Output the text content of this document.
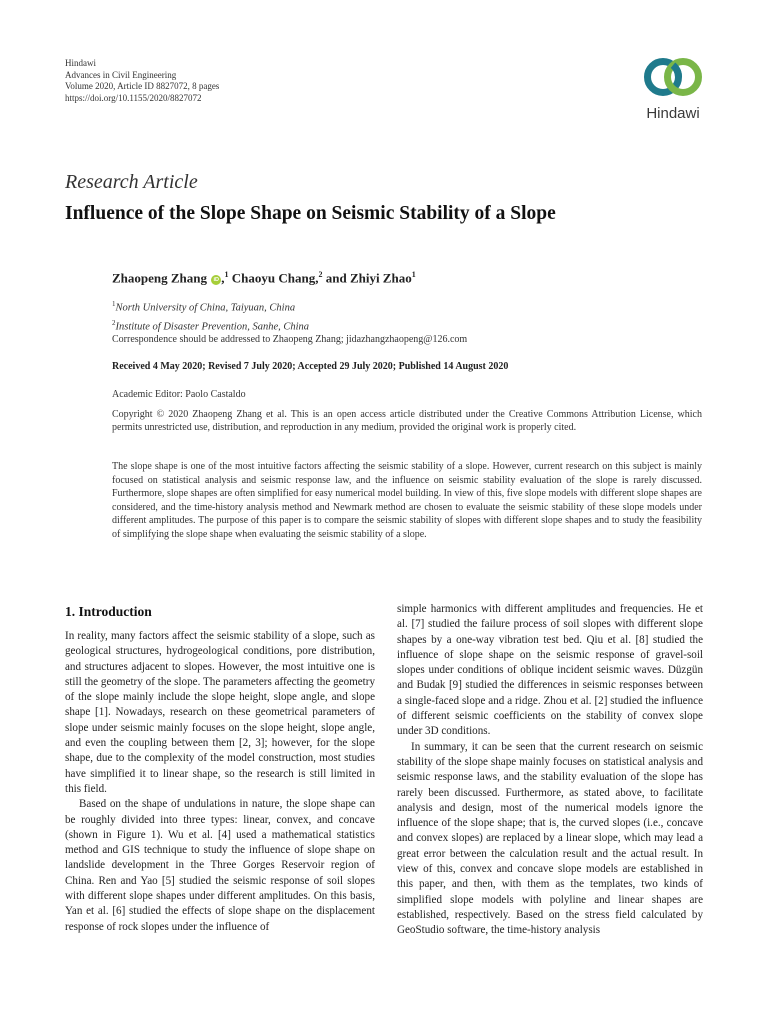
Hindawi
Advances in Civil Engineering
Volume 2020, Article ID 8827072, 8 pages
https://doi.org/10.1155/2020/8827072
Hindawi
Research Article
Influence of the Slope Shape on Seismic Stability of a Slope
Zhaopeng Zhang iD ,$^1$ Chaoyu Chang,$^2$ and Zhiyi Zhao$^1$
$^1$North University of China, Taiyuan, China
$^2$Institute of Disaster Prevention, Sanhe, China
Correspondence should be addressed to Zhaopeng Zhang; jidazhangzhaopeng@126.com
Received 4 May 2020; Revised 7 July 2020; Accepted 29 July 2020; Published 14 August 2020
Academic Editor: Paolo Castaldo
Copyright © 2020 Zhaopeng Zhang et al. This is an open access article distributed under the Creative Commons Attribution License, which permits unrestricted use, distribution, and reproduction in any medium, provided the original work is properly cited.
The slope shape is one of the most intuitive factors affecting the seismic stability of a slope. However, current research on this subject is mainly focused on statistical analysis and seismic response law, and the influence on seismic stability evaluation of the slope is rarely discussed. Furthermore, slope shapes are often simplified for easy numerical model building. In view of this, five slope models with different slope shapes are considered, and the time-history analysis method and Newmark method are chosen to evaluate the seismic stability of these slope models under different amplitudes. The purpose of this paper is to compare the seismic stability of slopes with different slope shapes and to study the feasibility of simplifying the slope shape when evaluating the seismic stability of a slope.
1. Introduction

In reality, many factors affect the seismic stability of a slope, such as geological structures, hydrogeological conditions, pore distribution, and structures adjacent to slopes. However, the most intuitive one is still the geometry of the slope. The parameters affecting the geometry of the slope mainly include the slope height, slope angle, and slope shape [1]. Nowadays, research on these geometrical parameters of slope under seismic mainly focuses on the slope height, slope angle, and even the coupling between them [2, 3]; however, for the slope shape, due to the complexity of the model construction, most studies have simplified it to linear shape, so the research is still limited in this field.

Based on the shape of undulations in nature, the slope shape can be roughly divided into three types: linear, convex, and concave (shown in Figure 1). Wu et al. [4] used a mathematical statistics method and GIS technique to study the influence of slope shape on landslide development in the Three Gorges Reservoir region of China. Ren and Yao [5] studied the seismic response of soil slopes with different slope shapes under different amplitudes. On this basis, Yan et al. [6] studied the effects of slope shape on the displacement response of rock slopes under the influence of

simple harmonics with different amplitudes and frequencies. He et al. [7] studied the failure process of soil slopes with different slope shapes by a one-way vibration test bed. Qiu et al. [8] studied the influence of slope shape on the seismic response of gravel-soil slopes under conditions of oblique incident seismic waves. Düzgün and Budak [9] studied the differences in seismic responses between a single-faced slope and a ridge. Zhou et al. [2] studied the influence of different seismic coefficients on the stability of convex slope under 3D conditions.

In summary, it can be seen that the current research on seismic stability of the slope shape mainly focuses on statistical analysis and seismic response laws, and the stability evaluation of the slope has rarely been discussed. Furthermore, as stated above, to facilitate analysis and design, most of the numerical models ignore the influence of the slope shape; that is, the curved slopes (i.e., concave and convex slopes) are replaced by a linear slope, which may lead a great error between the calculation result and the actual result. In view of this, convex and concave slope models are established in this paper, and then, with them as the templates, two kinds of simplified slope models with polyline and linear shapes are established, respectively. Based on the stress field calculated by GeoStudio software, the time-history analysis
